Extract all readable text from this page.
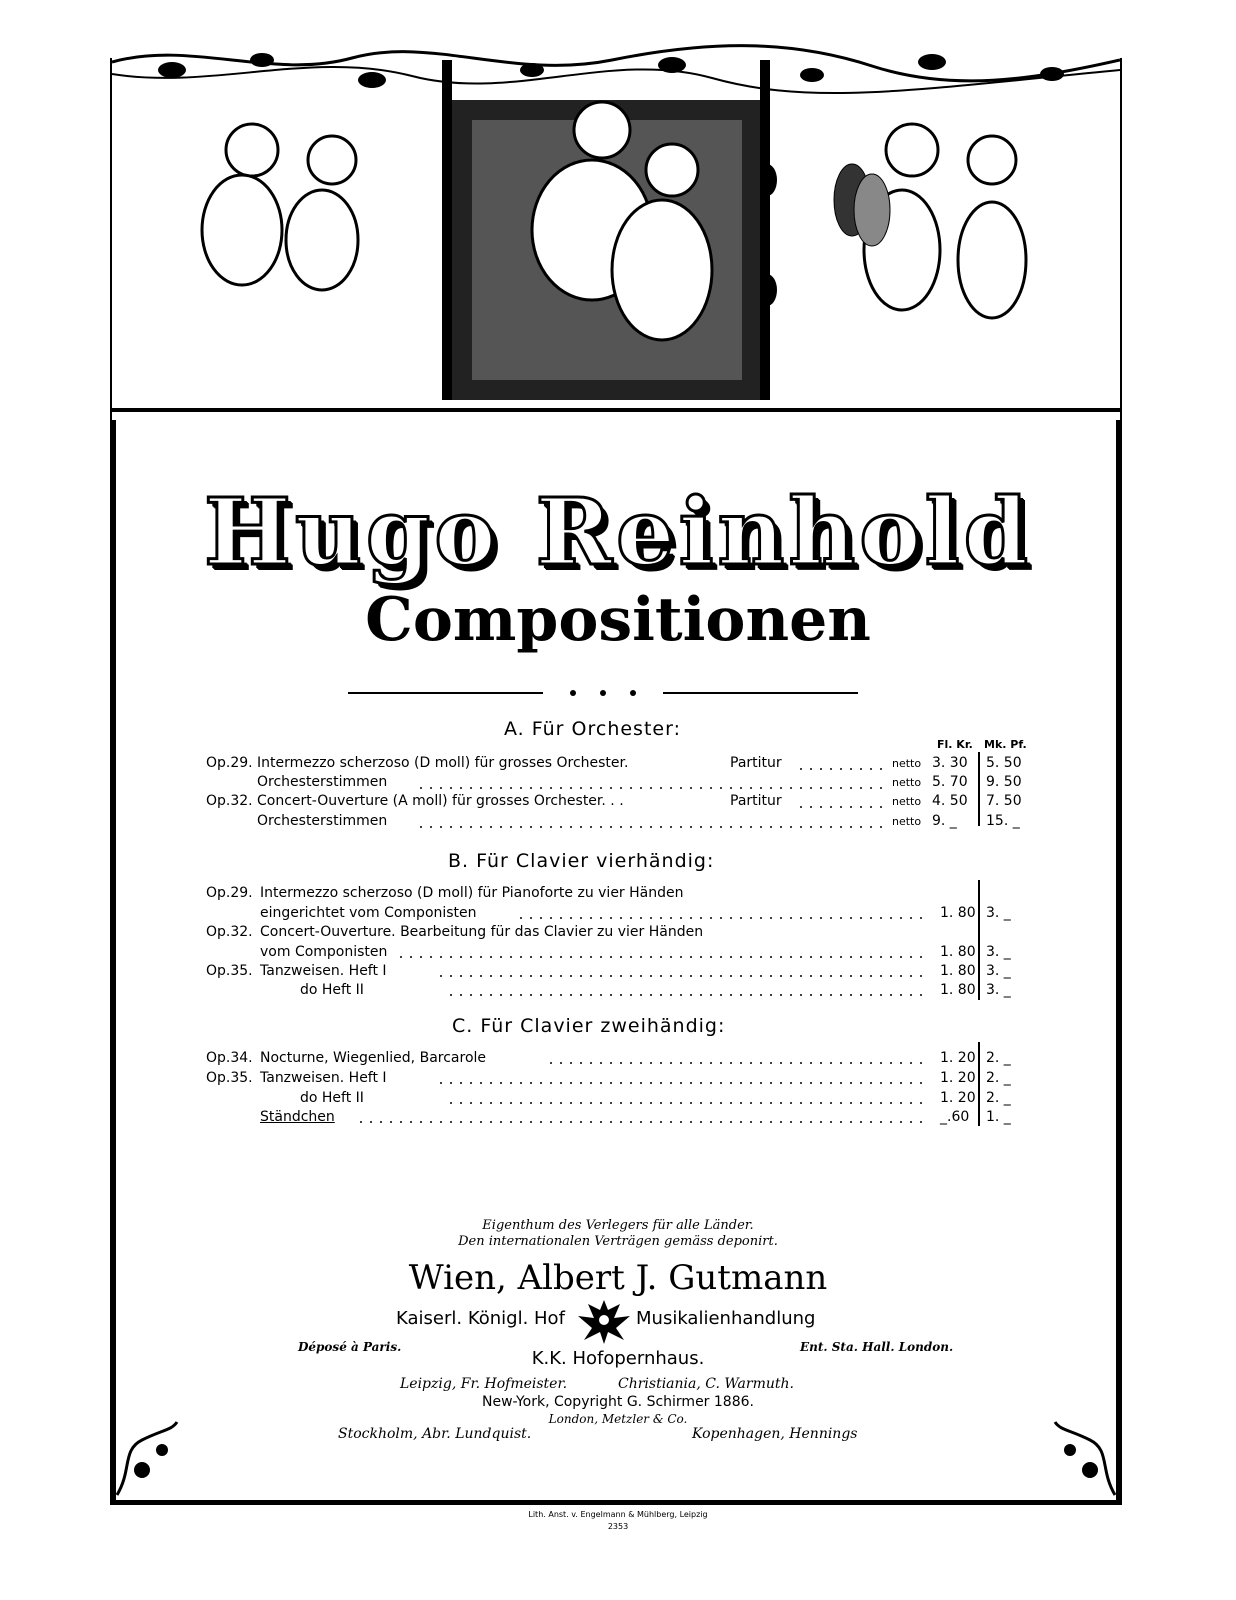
Hugo Reinhold
Compositionen
Fl. Kr. Mk. Pf.
A. Für Orchester:
Op.29. Intermezzo scherzoso (D moll) für grosses Orchester.	Partitur	netto 3. 30 5. 50
Orchesterstimmen	netto 5. 70 9. 50
Op.32. Concert-Ouverture (A moll) für grosses Orchester. . .	Partitur	netto 4. 50 7. 50
Orchesterstimmen	netto 9. _ 15. _
B. Für Clavier vierhändig:
Op.29. Intermezzo scherzoso (D moll) für Pianoforte zu vier Händen
eingerichtet vom Componisten	1. 80 3. _
Op.32. Concert-Ouverture. Bearbeitung für das Clavier zu vier Händen
vom Componisten	1. 80 3. _
Op.35. Tanzweisen. Heft I	1. 80 3. _
do Heft II	1. 80 3. _
C. Für Clavier zweihändig:
Op.34. Nocturne, Wiegenlied, Barcarole	1. 20 2. _
Op.35. Tanzweisen. Heft I	1. 20 2. _
do Heft II	1. 20 2. _
Ständchen	_.60 1. _
Eigenthum des Verlegers für alle Länder.
Den internationalen Verträgen gemäss deponirt.
Wien, Albert J. Gutmann
Kaiserl. Königl. Hof	Musikalienhandlung
Déposé à Paris.	Ent. Sta. Hall. London.
K.K. Hofopernhaus.
Leipzig, Fr. Hofmeister.	Christiania, C. Warmuth.
New-York, Copyright G. Schirmer 1886.
London, Metzler & Co.
Stockholm, Abr. Lundquist.	Kopenhagen, Hennings
Lith. Anst. v. Engelmann & Mühlberg, Leipzig
2353
